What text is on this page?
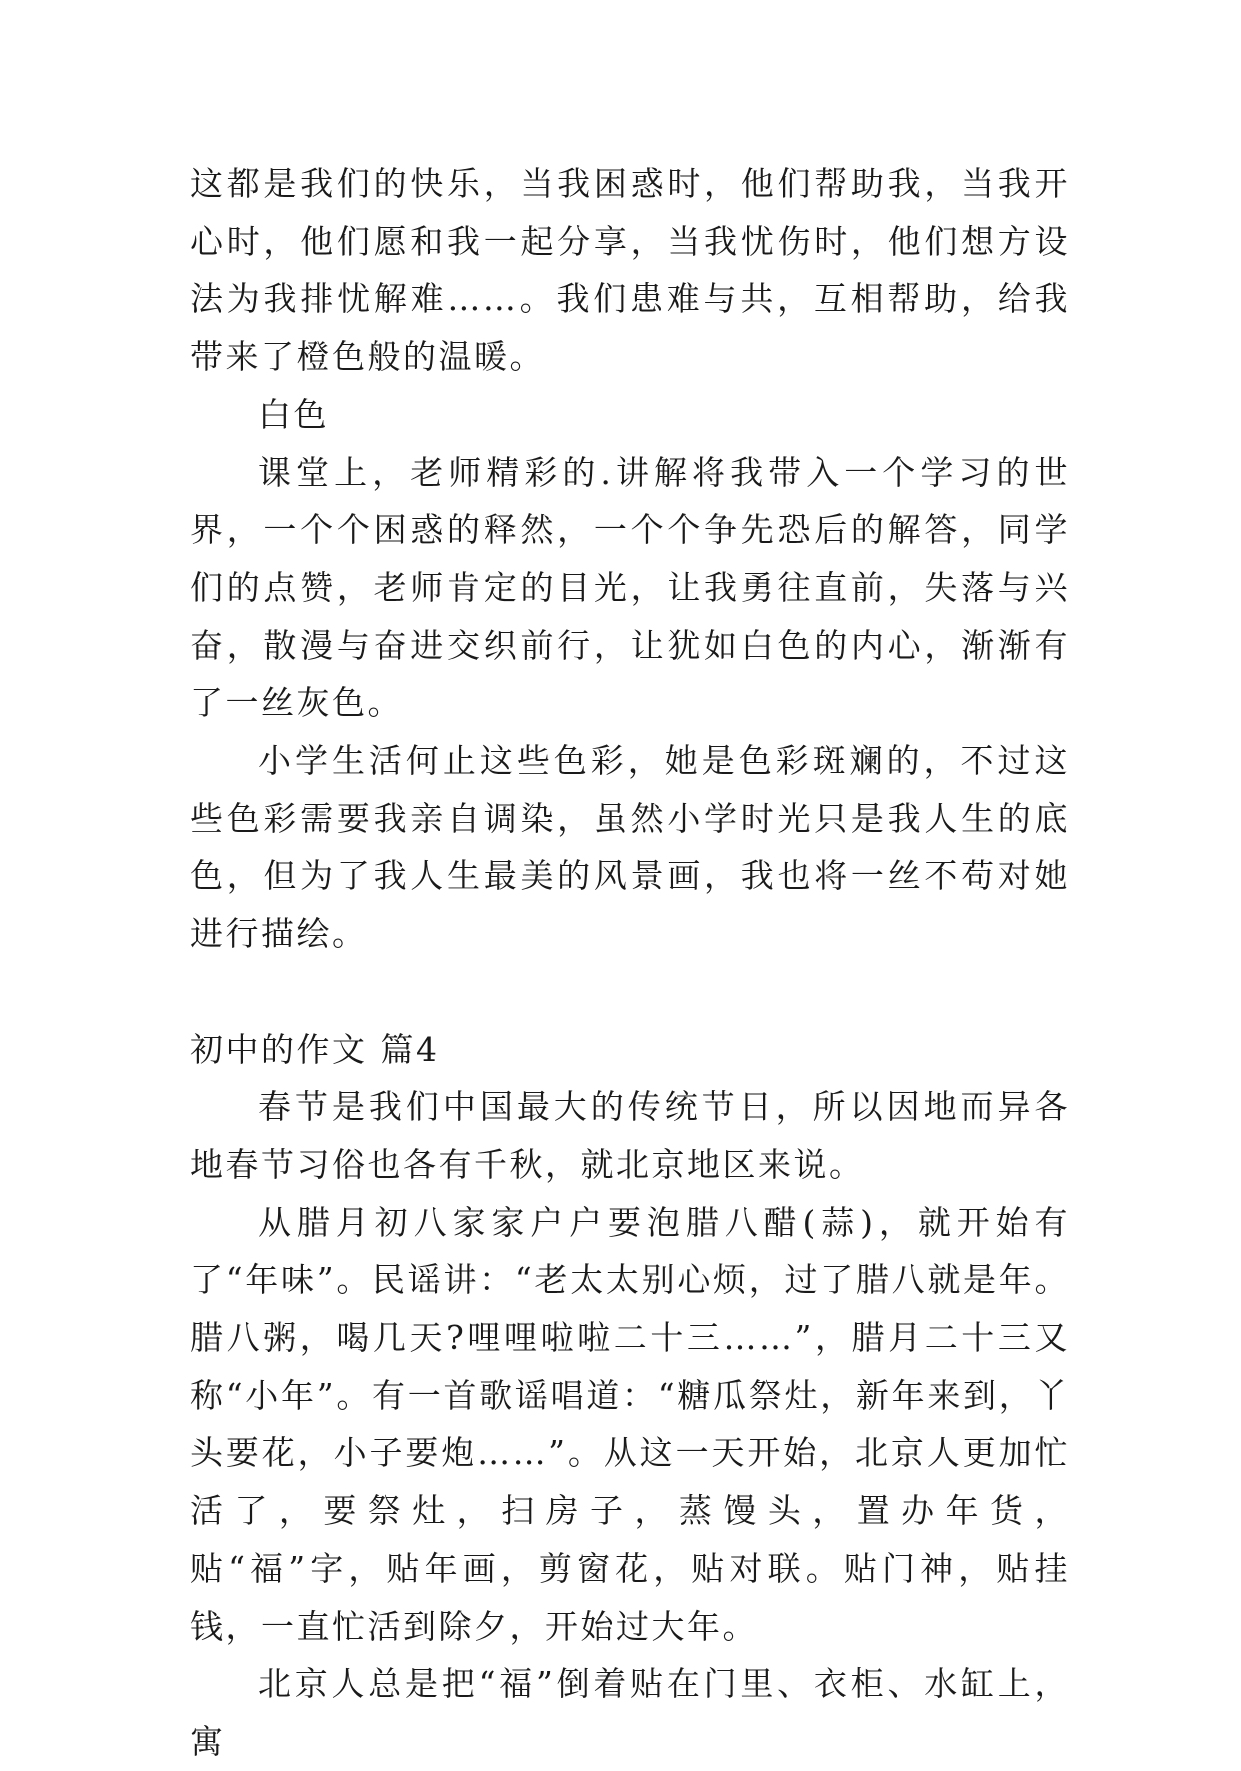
这都是我们的快乐，当我困惑时，他们帮助我，当我开心时，他们愿和我一起分享，当我忧伤时，他们想方设法为我排忧解难……。我们患难与共，互相帮助，给我带来了橙色般的温暖。

白色

课堂上，老师精彩的.讲解将我带入一个学习的世界，一个个困惑的释然，一个个争先恐后的解答，同学们的点赞，老师肯定的目光，让我勇往直前，失落与兴奋，散漫与奋进交织前行，让犹如白色的内心，渐渐有了一丝灰色。

小学生活何止这些色彩，她是色彩斑斓的，不过这些色彩需要我亲自调染，虽然小学时光只是我人生的底色，但为了我人生最美的风景画，我也将一丝不苟对她进行描绘。

初中的作文 篇4

春节是我们中国最大的传统节日，所以因地而异各地春节习俗也各有千秋，就北京地区来说。

从腊月初八家家户户要泡腊八醋(蒜)，就开始有了“年味”。民谣讲：“老太太别心烦，过了腊八就是年。腊八粥，喝几天?哩哩啦啦二十三……”，腊月二十三又称“小年”。有一首歌谣唱道：“糖瓜祭灶，新年来到，丫头要花，小子要炮……”。从这一天开始，北京人更加忙活了，要祭灶，扫房子，蒸馒头，置办年货，贴“福”字，贴年画，剪窗花，贴对联。贴门神，贴挂钱，一直忙活到除夕，开始过大年。

北京人总是把“福”倒着贴在门里、衣柜、水缸上，寓
